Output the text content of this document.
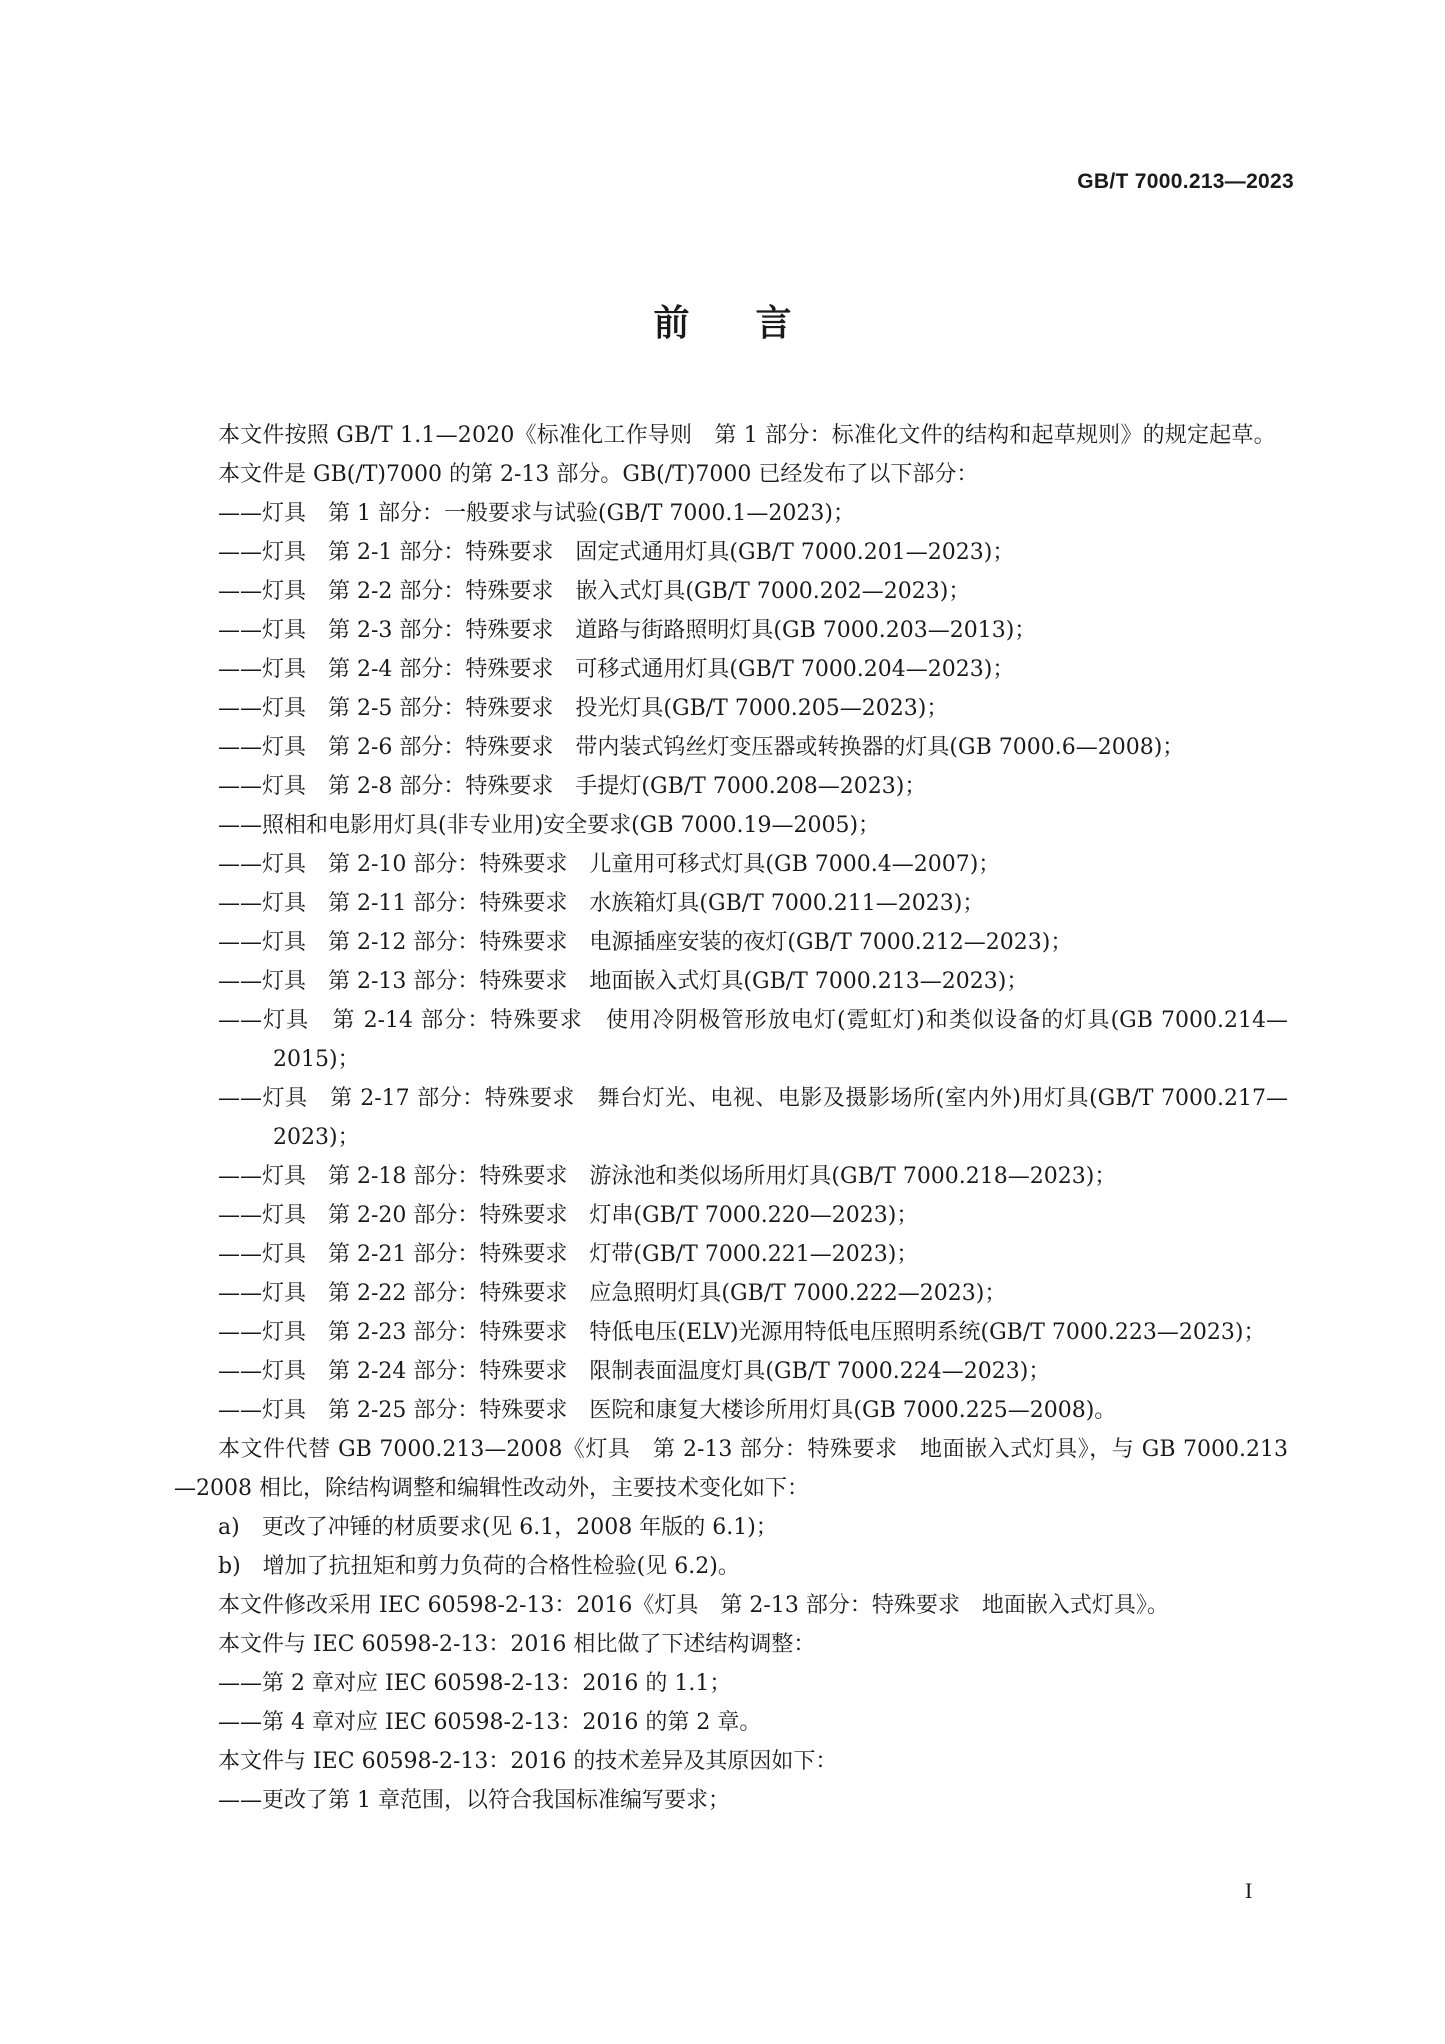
GB/T 7000.213—2023
前言
本文件按照 GB/T 1.1—2020《标准化工作导则　第 1 部分：标准化文件的结构和起草规则》的规定起草。
本文件是 GB(/T)7000 的第 2-13 部分。GB(/T)7000 已经发布了以下部分：
——灯具　第 1 部分：一般要求与试验(GB/T 7000.1—2023)；
——灯具　第 2-1 部分：特殊要求　固定式通用灯具(GB/T 7000.201—2023)；
——灯具　第 2-2 部分：特殊要求　嵌入式灯具(GB/T 7000.202—2023)；
——灯具　第 2-3 部分：特殊要求　道路与街路照明灯具(GB 7000.203—2013)；
——灯具　第 2-4 部分：特殊要求　可移式通用灯具(GB/T 7000.204—2023)；
——灯具　第 2-5 部分：特殊要求　投光灯具(GB/T 7000.205—2023)；
——灯具　第 2-6 部分：特殊要求　带内装式钨丝灯变压器或转换器的灯具(GB 7000.6—2008)；
——灯具　第 2-8 部分：特殊要求　手提灯(GB/T 7000.208—2023)；
——照相和电影用灯具(非专业用)安全要求(GB 7000.19—2005)；
——灯具　第 2-10 部分：特殊要求　儿童用可移式灯具(GB 7000.4—2007)；
——灯具　第 2-11 部分：特殊要求　水族箱灯具(GB/T 7000.211—2023)；
——灯具　第 2-12 部分：特殊要求　电源插座安装的夜灯(GB/T 7000.212—2023)；
——灯具　第 2-13 部分：特殊要求　地面嵌入式灯具(GB/T 7000.213—2023)；
——灯具　第 2-14 部分：特殊要求　使用冷阴极管形放电灯(霓虹灯)和类似设备的灯具(GB 7000.214—2015)；
——灯具　第 2-17 部分：特殊要求　舞台灯光、电视、电影及摄影场所(室内外)用灯具(GB/T 7000.217—2023)；
——灯具　第 2-18 部分：特殊要求　游泳池和类似场所用灯具(GB/T 7000.218—2023)；
——灯具　第 2-20 部分：特殊要求　灯串(GB/T 7000.220—2023)；
——灯具　第 2-21 部分：特殊要求　灯带(GB/T 7000.221—2023)；
——灯具　第 2-22 部分：特殊要求　应急照明灯具(GB/T 7000.222—2023)；
——灯具　第 2-23 部分：特殊要求　特低电压(ELV)光源用特低电压照明系统(GB/T 7000.223—2023)；
——灯具　第 2-24 部分：特殊要求　限制表面温度灯具(GB/T 7000.224—2023)；
——灯具　第 2-25 部分：特殊要求　医院和康复大楼诊所用灯具(GB 7000.225—2008)。
本文件代替 GB 7000.213—2008《灯具　第 2-13 部分：特殊要求　地面嵌入式灯具》，与 GB 7000.213—2008 相比，除结构调整和编辑性改动外，主要技术变化如下：
a)　更改了冲锤的材质要求(见 6.1，2008 年版的 6.1)；
b)　增加了抗扭矩和剪力负荷的合格性检验(见 6.2)。
本文件修改采用 IEC 60598-2-13：2016《灯具　第 2-13 部分：特殊要求　地面嵌入式灯具》。
本文件与 IEC 60598-2-13：2016 相比做了下述结构调整：
——第 2 章对应 IEC 60598-2-13：2016 的 1.1；
——第 4 章对应 IEC 60598-2-13：2016 的第 2 章。
本文件与 IEC 60598-2-13：2016 的技术差异及其原因如下：
——更改了第 1 章范围，以符合我国标准编写要求；
I
